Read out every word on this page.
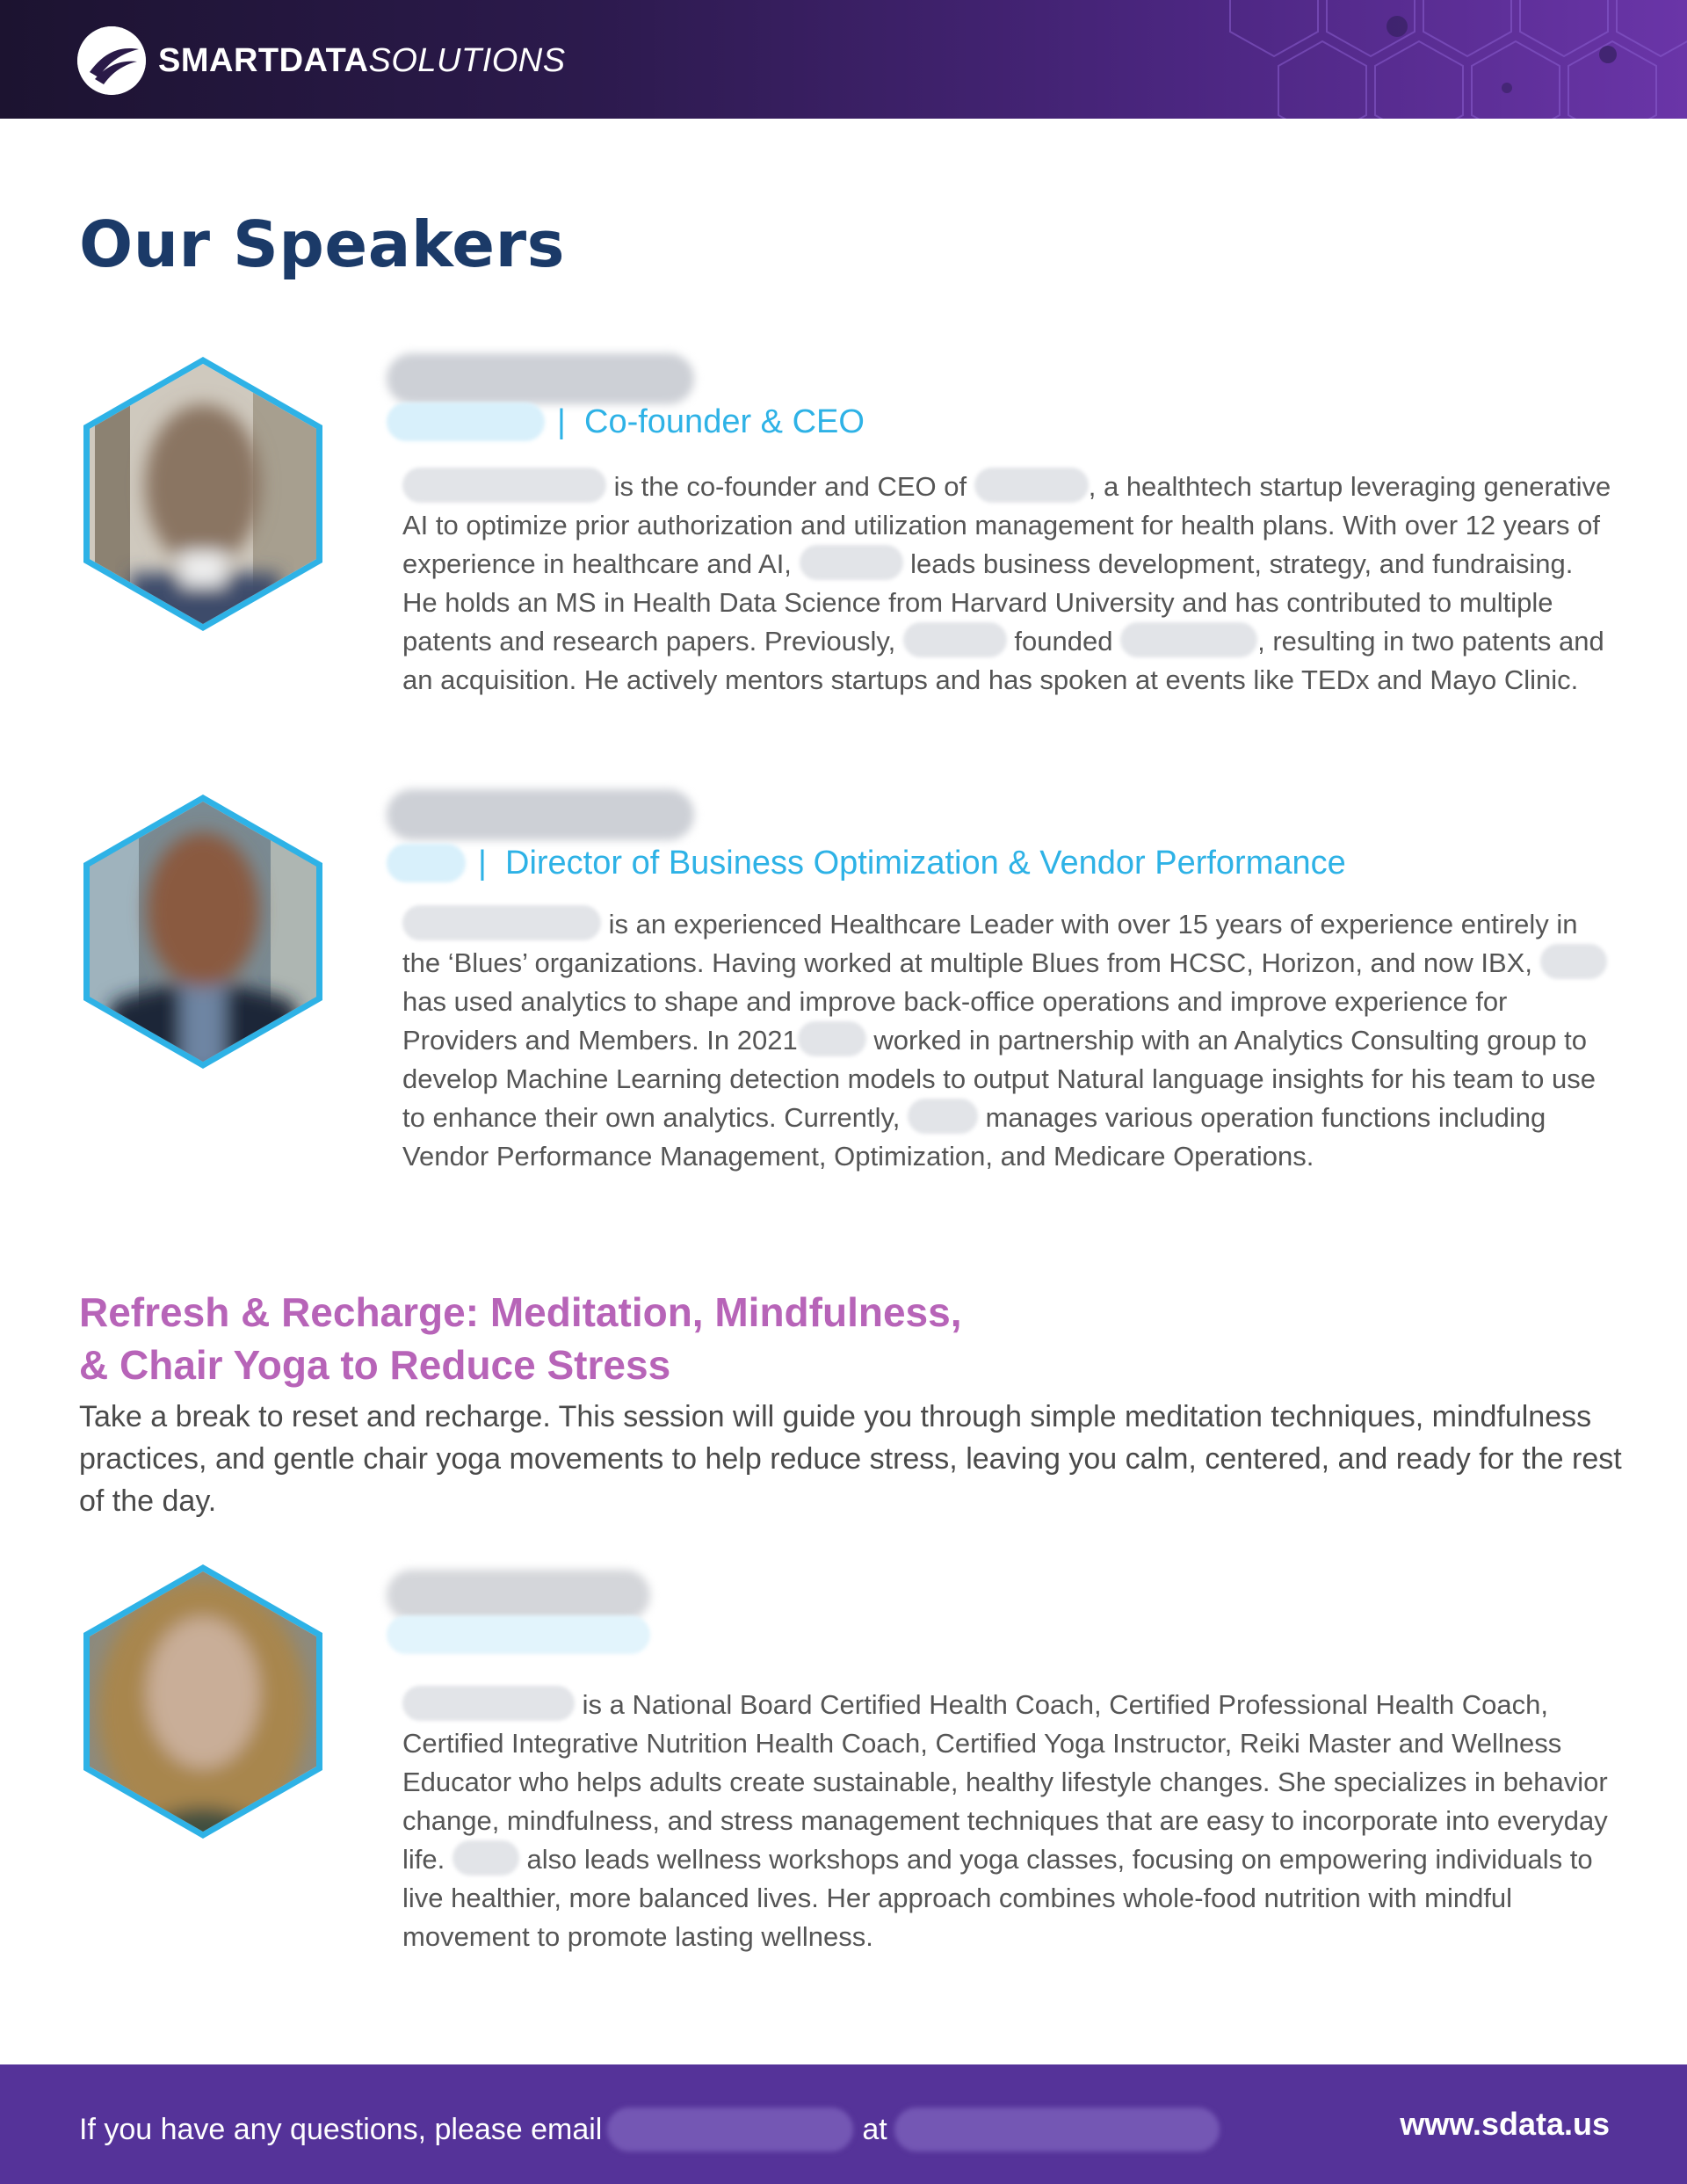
SMARTDATASOLUTIONS
Our Speakers
|  Co-founder & CEO

is the co-founder and CEO of	, a healthtech startup leveraging generative AI to optimize prior authorization and utilization management for health plans. With over 12 years of experience in healthcare and AI,	leads business development, strategy, and fundraising. He holds an MS in Health Data Science from Harvard University and has contributed to multiple patents and research papers. Previously,	founded	, resulting in two patents and an acquisition. He actively mentors startups and has spoken at events like TEDx and Mayo Clinic.

|  Director of Business Optimization & Vendor Performance

is an experienced Healthcare Leader with over 15 years of experience entirely in the ‘Blues’ organizations. Having worked at multiple Blues from HCSC, Horizon, and now IBX,  has used analytics to shape and improve back-office operations and improve experience for Providers and Members. In 2021	worked in partnership with an Analytics Consulting group to develop Machine Learning detection models to output Natural language insights for his team to use to enhance their own analytics. Currently,	manages various operation functions including Vendor Performance Management, Optimization, and Medicare Operations.

Refresh & Recharge: Meditation, Mindfulness,
& Chair Yoga to Reduce Stress

Take a break to reset and recharge. This session will guide you through simple meditation techniques, mindfulness practices, and gentle chair yoga movements to help reduce stress, leaving you calm, centered, and ready for the rest of the day.

is a National Board Certified Health Coach, Certified Professional Health Coach, Certified Integrative Nutrition Health Coach, Certified Yoga Instructor, Reiki Master and Wellness Educator who helps adults create sustainable, healthy lifestyle changes. She specializes in behavior change, mindfulness, and stress management techniques that are easy to incorporate into everyday life.  also leads wellness workshops and yoga classes, focusing on empowering individuals to live healthier, more balanced lives. Her approach combines whole-food nutrition with mindful movement to promote lasting wellness.

If you have any questions, please email	at	www.sdata.us
